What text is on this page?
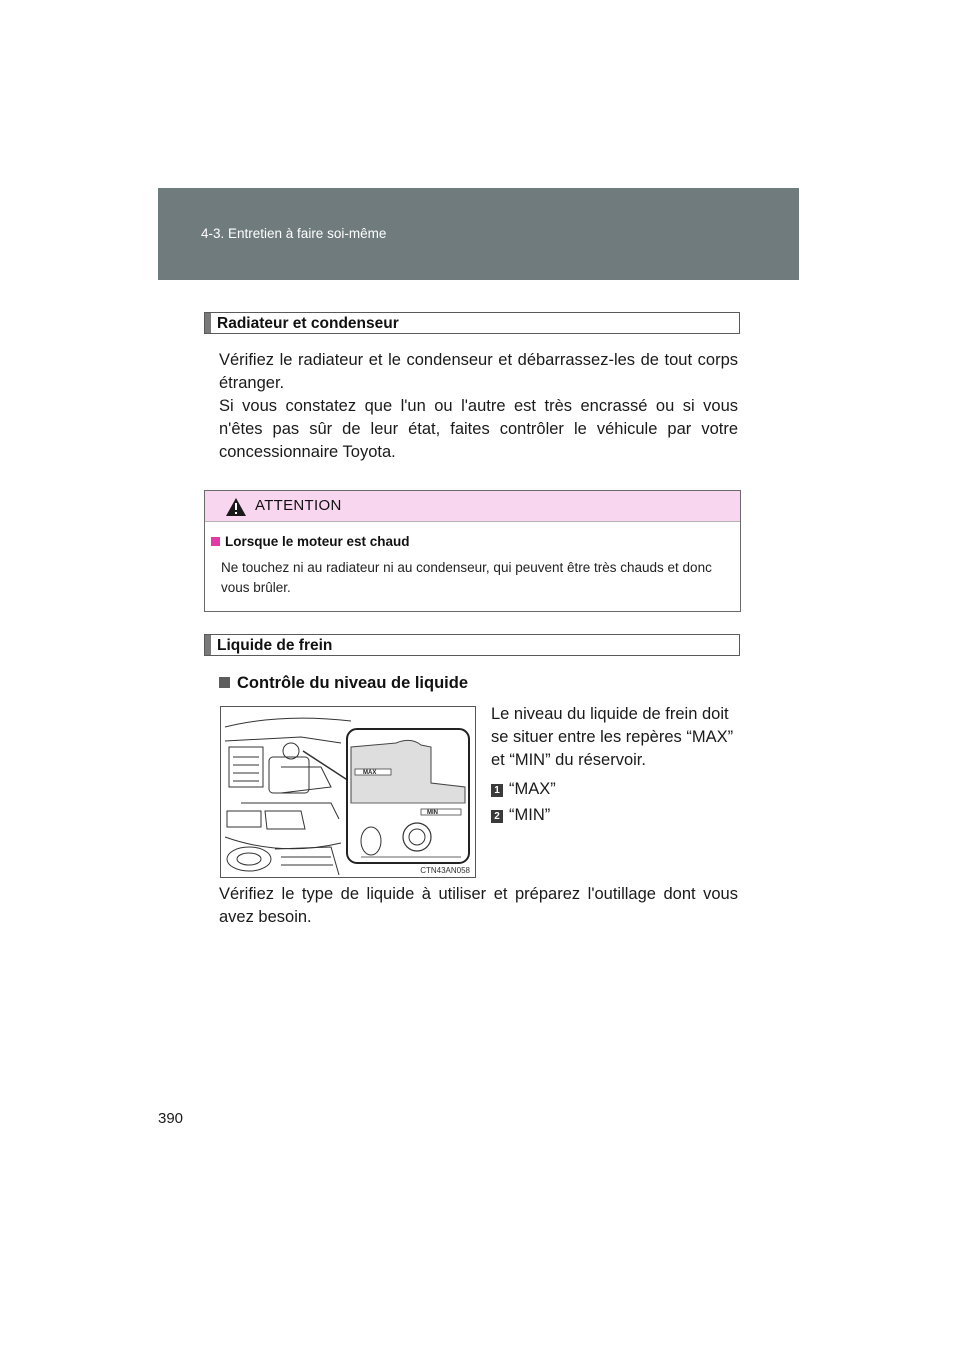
4-3. Entretien à faire soi-même
Radiateur et condenseur

Vérifiez le radiateur et le condenseur et débarrassez-les de tout corps étranger.

Si vous constatez que l'un ou l'autre est très encrassé ou si vous n'êtes pas sûr de leur état, faites contrôler le véhicule par votre concessionnaire Toyota.

ATTENTION
Lorsque le moteur est chaud

Ne touchez ni au radiateur ni au condenseur, qui peuvent être très chauds et donc vous brûler.

Liquide de frein
Contrôle du niveau de liquide
MAX
MIN
CTN43AN058

Le niveau du liquide de frein doit se situer entre les repères “MAX” et “MIN” du réservoir.

1 “MAX”
2 “MIN”

Vérifiez le type de liquide à utiliser et préparez l'outillage dont vous avez besoin.

390
